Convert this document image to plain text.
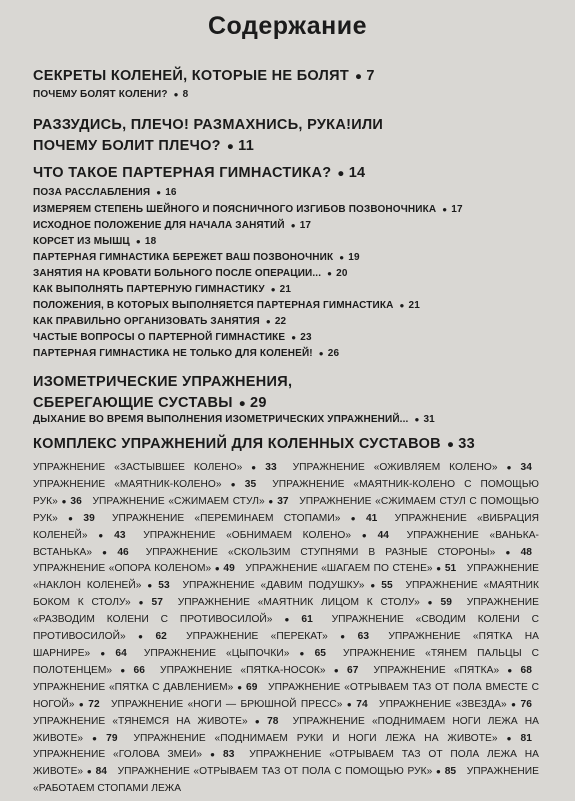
Содержание
СЕКРЕТЫ КОЛЕНЕЙ, КОТОРЫЕ НЕ БОЛЯТ ● 7
ПОЧЕМУ БОЛЯТ КОЛЕНИ? ● 8
РАЗЗУДИСЬ, ПЛЕЧО! РАЗМАХНИСЬ, РУКА!ИЛИ
ПОЧЕМУ БОЛИТ ПЛЕЧО? ● 11
ЧТО ТАКОЕ ПАРТЕРНАЯ ГИМНАСТИКА? ● 14
ПОЗА РАССЛАБЛЕНИЯ ● 16
ИЗМЕРЯЕМ СТЕПЕНЬ ШЕЙНОГО И ПОЯСНИЧНОГО ИЗГИБОВ ПОЗВОНОЧНИКА ● 17
ИСХОДНОЕ ПОЛОЖЕНИЕ ДЛЯ НАЧАЛА ЗАНЯТИЙ ● 17
КОРСЕТ ИЗ МЫШЦ ● 18
ПАРТЕРНАЯ ГИМНАСТИКА БЕРЕЖЕТ ВАШ ПОЗВОНОЧНИК ● 19
ЗАНЯТИЯ НА КРОВАТИ БОЛЬНОГО ПОСЛЕ ОПЕРАЦИИ... ● 20
КАК ВЫПОЛНЯТЬ ПАРТЕРНУЮ ГИМНАСТИКУ ● 21
ПОЛОЖЕНИЯ, В КОТОРЫХ ВЫПОЛНЯЕТСЯ ПАРТЕРНАЯ ГИМНАСТИКА ● 21
КАК ПРАВИЛЬНО ОРГАНИЗОВАТЬ ЗАНЯТИЯ ● 22
ЧАСТЫЕ ВОПРОСЫ О ПАРТЕРНОЙ ГИМНАСТИКЕ ● 23
ПАРТЕРНАЯ ГИМНАСТИКА НЕ ТОЛЬКО ДЛЯ КОЛЕНЕЙ! ● 26
ИЗОМЕТРИЧЕСКИЕ УПРАЖНЕНИЯ,
СБЕРЕГАЮЩИЕ СУСТАВЫ ● 29
ДЫХАНИЕ ВО ВРЕМЯ ВЫПОЛНЕНИЯ ИЗОМЕТРИЧЕСКИХ УПРАЖНЕНИЙ... ● 31
КОМПЛЕКС УПРАЖНЕНИЙ ДЛЯ КОЛЕННЫХ СУСТАВОВ ● 33
УПРАЖНЕНИЕ «ЗАСТЫВШЕЕ КОЛЕНО» ● 33 УПРАЖНЕНИЕ «ОЖИВЛЯЕМ КОЛЕНО» ● 34 УПРАЖНЕНИЕ «МАЯТНИК-КОЛЕНО» ● 35 УПРАЖНЕНИЕ «МАЯТНИК-КОЛЕНО С ПОМОЩЬЮ РУК» ● 36 УПРАЖНЕНИЕ «СЖИМАЕМ СТУЛ» ● 37 УПРАЖНЕНИЕ «СЖИМАЕМ СТУЛ С ПОМОЩЬЮ РУК» ● 39 УПРАЖНЕНИЕ «ПЕРЕМИНАЕМ СТОПАМИ» ● 41 УПРАЖНЕНИЕ «ВИБРАЦИЯ КОЛЕНЕЙ» ● 43 УПРАЖНЕНИЕ «ОБНИМАЕМ КОЛЕНО» ● 44 УПРАЖНЕНИЕ «ВАНЬКА-ВСТАНЬКА» ● 46 УПРАЖНЕНИЕ «СКОЛЬЗИМ СТУПНЯМИ В РАЗНЫЕ СТОРОНЫ» ● 48 УПРАЖНЕНИЕ «ОПОРА КОЛЕНОМ» ● 49 УПРАЖНЕНИЕ «ШАГАЕМ ПО СТЕНЕ» ● 51 УПРАЖНЕНИЕ «НАКЛОН КОЛЕНЕЙ» ● 53 УПРАЖНЕНИЕ «ДАВИМ ПОДУШКУ» ● 55 УПРАЖНЕНИЕ «МАЯТНИК БОКОМ К СТОЛУ» ● 57 УПРАЖНЕНИЕ «МАЯТНИК ЛИЦОМ К СТОЛУ» ● 59 УПРАЖНЕНИЕ «РАЗВОДИМ КОЛЕНИ С ПРОТИВОСИЛОЙ» ● 61 УПРАЖНЕНИЕ «СВОДИМ КОЛЕНИ С ПРОТИВОСИЛОЙ» ● 62 УПРАЖНЕНИЕ «ПЕРЕКАТ» ● 63 УПРАЖНЕНИЕ «ПЯТКА НА ШАРНИРЕ» ● 64 УПРАЖНЕНИЕ «ЦЫПОЧКИ» ● 65 УПРАЖНЕНИЕ «ТЯНЕМ ПАЛЬЦЫ С ПОЛОТЕНЦЕМ» ● 66 УПРАЖНЕНИЕ «ПЯТКА-НОСОК» ● 67 УПРАЖНЕНИЕ «ПЯТКА» ● 68 УПРАЖНЕНИЕ «ПЯТКА С ДАВЛЕНИЕМ» ● 69 УПРАЖНЕНИЕ «ОТРЫВАЕМ ТАЗ ОТ ПОЛА ВМЕСТЕ С НОГОЙ» ● 72 УПРАЖНЕНИЕ «НОГИ — БРЮШНОЙ ПРЕСС» ● 74 УПРАЖНЕНИЕ «ЗВЕЗДА» ● 76 УПРАЖНЕНИЕ «ТЯНЕМСЯ НА ЖИВОТЕ» ● 78 УПРАЖНЕНИЕ «ПОДНИМАЕМ НОГИ ЛЕЖА НА ЖИВОТЕ» ● 79 УПРАЖНЕНИЕ «ПОДНИМАЕМ РУКИ И НОГИ ЛЕЖА НА ЖИВОТЕ» ● 81 УПРАЖНЕНИЕ «ГОЛОВА ЗМЕИ» ● 83 УПРАЖНЕНИЕ «ОТРЫВАЕМ ТАЗ ОТ ПОЛА ЛЕЖА НА ЖИВОТЕ» ● 84 УПРАЖНЕНИЕ «ОТРЫВАЕМ ТАЗ ОТ ПОЛА С ПОМОЩЬЮ РУК» ● 85 УПРАЖНЕНИЕ «РАБОТАЕМ СТОПАМИ ЛЕЖА
